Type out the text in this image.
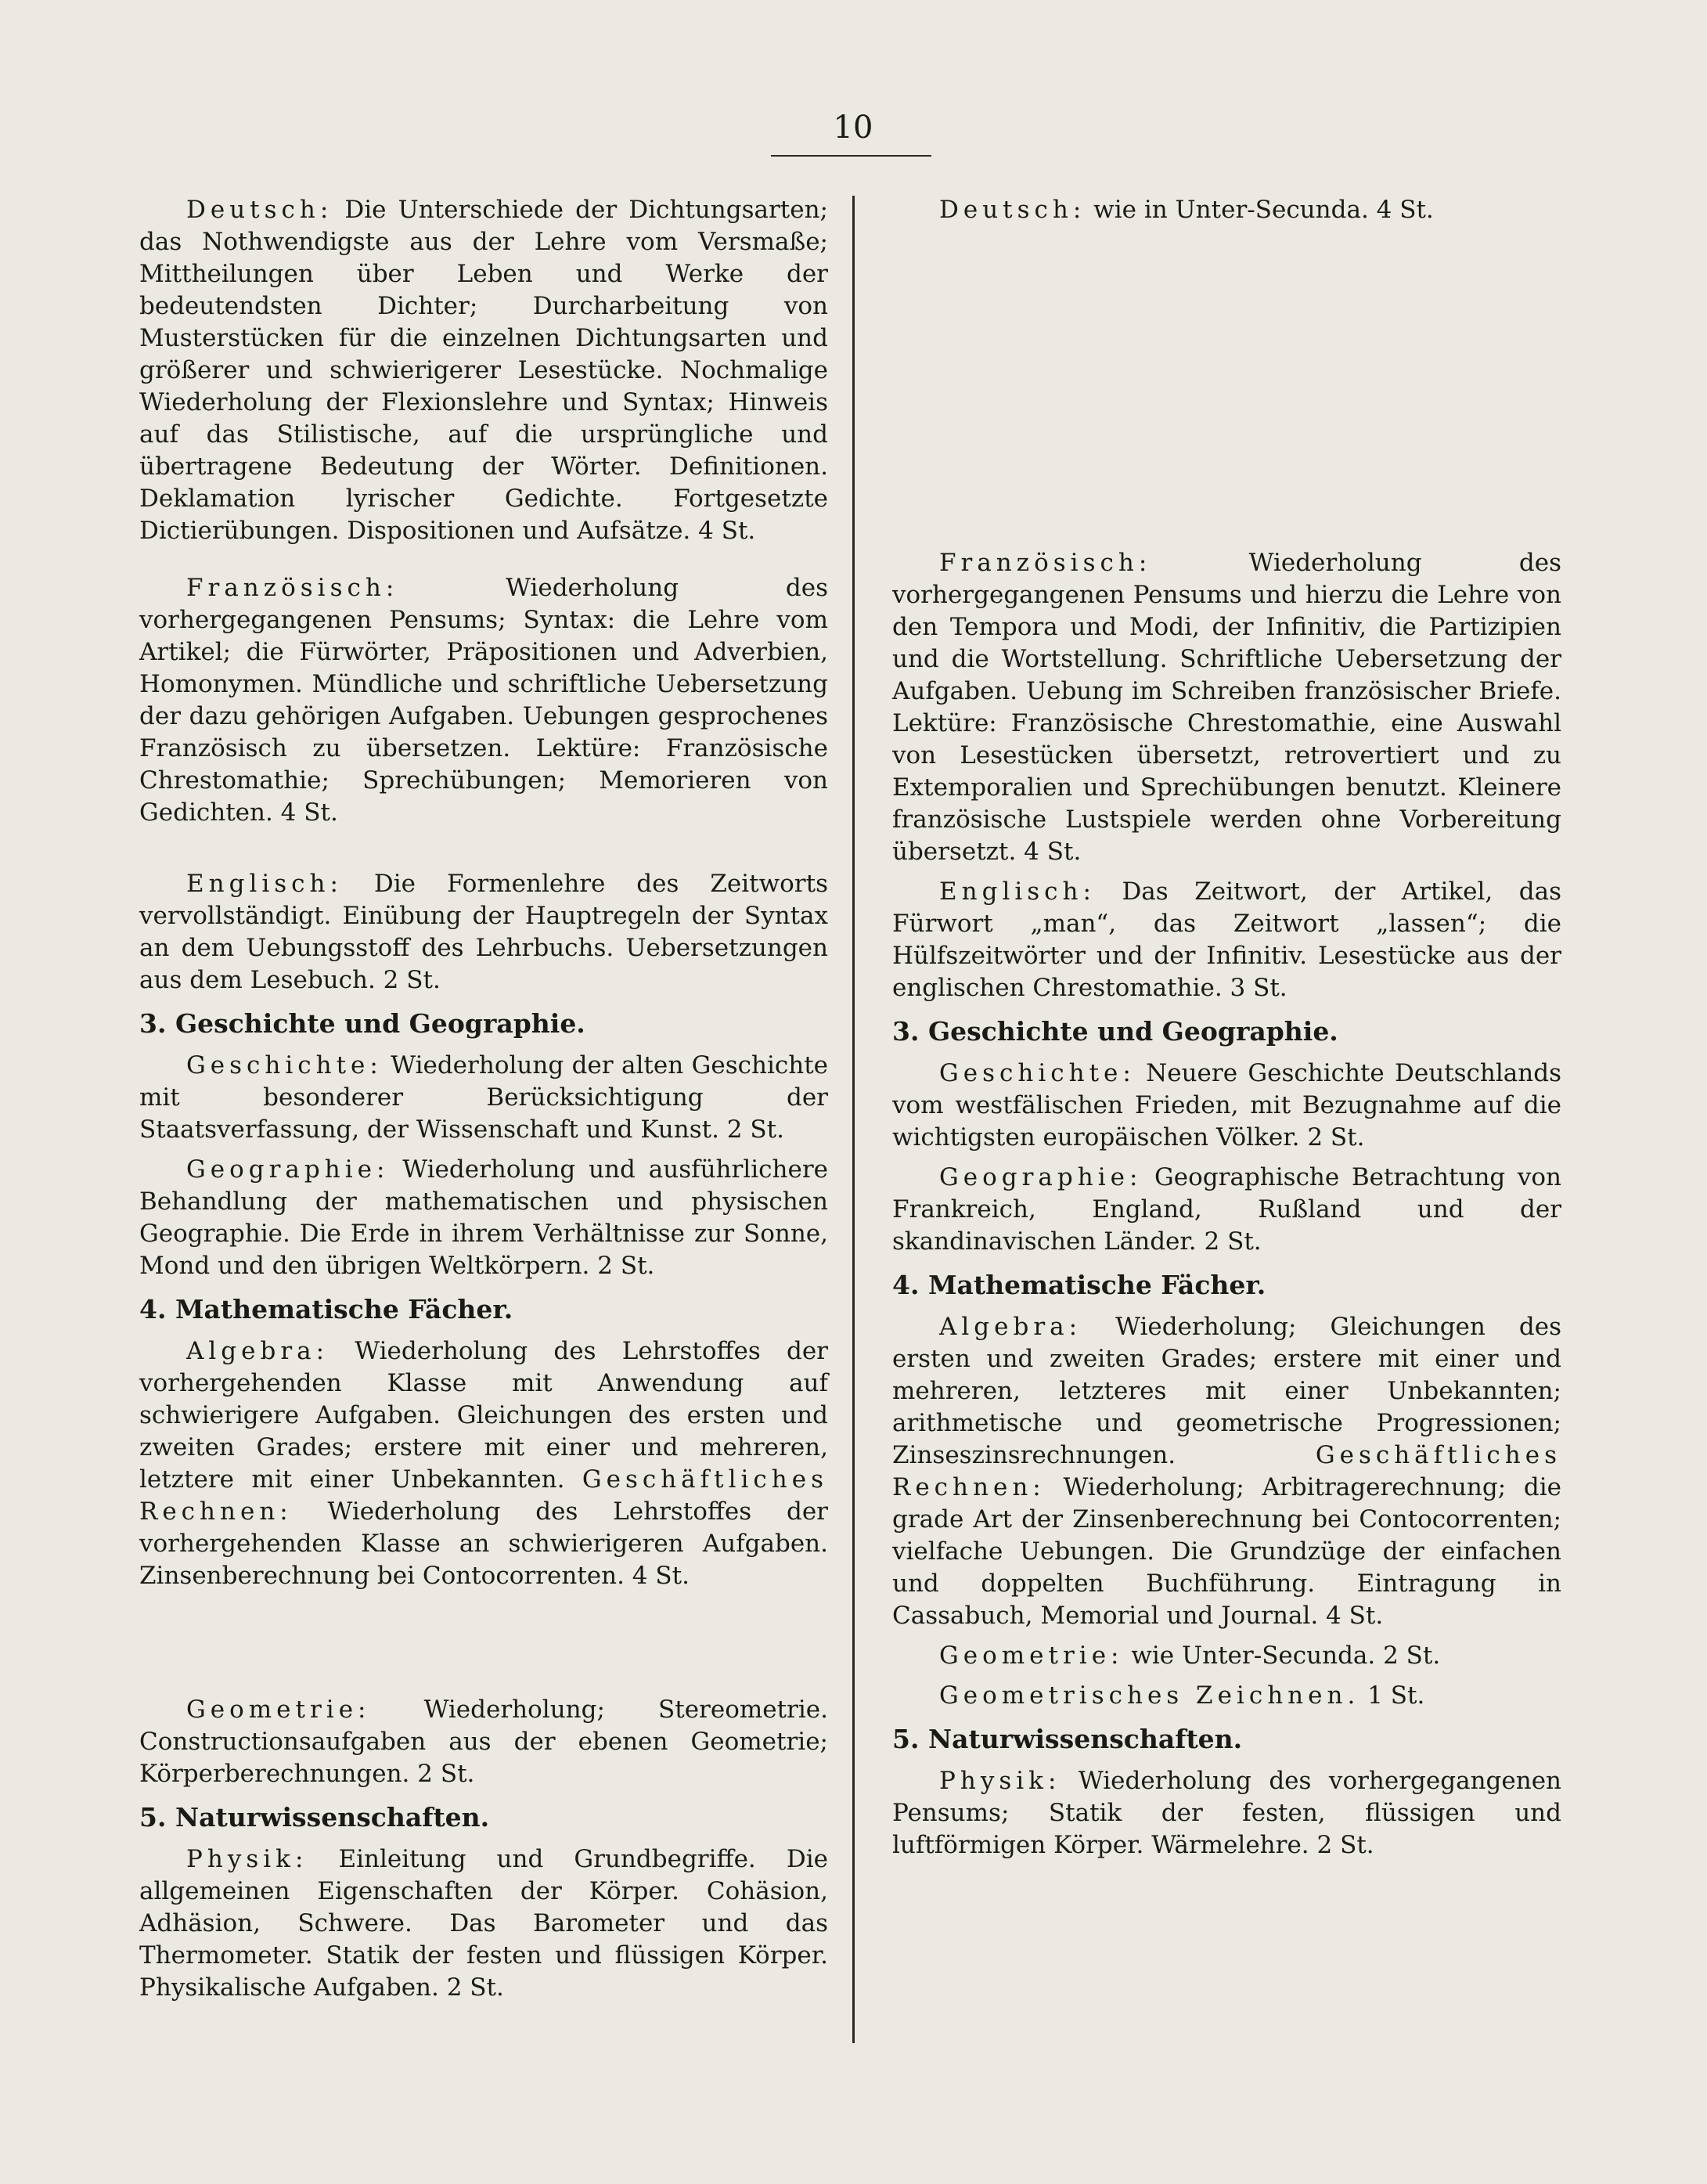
10

Deutsch: Die Unterschiede der Dichtungsarten; das Nothwendigste aus der Lehre vom Versmaße; Mittheilungen über Leben und Werke der bedeutendsten Dichter; Durcharbeitung von Musterstücken für die einzelnen Dichtungsarten und größerer und schwierigerer Lesestücke. Nochmalige Wiederholung der Flexionslehre und Syntax; Hinweis auf das Stilistische, auf die ursprüngliche und übertragene Bedeutung der Wörter. Definitionen. Deklamation lyrischer Gedichte. Fortgesetzte Dictierübungen. Dispositionen und Aufsätze. 4 St.

Französisch: Wiederholung des vorhergegangenen Pensums; Syntax: die Lehre vom Artikel; die Fürwörter, Präpositionen und Adverbien, Homonymen. Mündliche und schriftliche Uebersetzung der dazu gehörigen Aufgaben. Uebungen gesprochenes Französisch zu übersetzen. Lektüre: Französische Chrestomathie; Sprechübungen; Memorieren von Gedichten. 4 St.

Englisch: Die Formenlehre des Zeitworts vervollständigt. Einübung der Hauptregeln der Syntax an dem Uebungsstoff des Lehrbuchs. Uebersetzungen aus dem Lesebuch. 2 St.

3. Geschichte und Geographie.

Geschichte: Wiederholung der alten Geschichte mit besonderer Berücksichtigung der Staatsverfassung, der Wissenschaft und Kunst. 2 St.

Geographie: Wiederholung und ausführlichere Behandlung der mathematischen und physischen Geographie. Die Erde in ihrem Verhältnisse zur Sonne, Mond und den übrigen Weltkörpern. 2 St.

4. Mathematische Fächer.

Algebra: Wiederholung des Lehrstoffes der vorhergehenden Klasse mit Anwendung auf schwierigere Aufgaben. Gleichungen des ersten und zweiten Grades; erstere mit einer und mehreren, letztere mit einer Unbekannten. Geschäftliches Rechnen: Wiederholung des Lehrstoffes der vorhergehenden Klasse an schwierigeren Aufgaben. Zinsenberechnung bei Contocorrenten. 4 St.

Geometrie: Wiederholung; Stereometrie. Constructionsaufgaben aus der ebenen Geometrie; Körperberechnungen. 2 St.

5. Naturwissenschaften.

Physik: Einleitung und Grundbegriffe. Die allgemeinen Eigenschaften der Körper. Cohäsion, Adhäsion, Schwere. Das Barometer und das Thermometer. Statik der festen und flüssigen Körper. Physikalische Aufgaben. 2 St.

Deutsch: wie in Unter-Secunda. 4 St.

Französisch: Wiederholung des vorhergegangenen Pensums und hierzu die Lehre von den Tempora und Modi, der Infinitiv, die Partizipien und die Wortstellung. Schriftliche Uebersetzung der Aufgaben. Uebung im Schreiben französischer Briefe. Lektüre: Französische Chrestomathie, eine Auswahl von Lesestücken übersetzt, retrovertiert und zu Extemporalien und Sprechübungen benutzt. Kleinere französische Lustspiele werden ohne Vorbereitung übersetzt. 4 St.

Englisch: Das Zeitwort, der Artikel, das Fürwort „man“, das Zeitwort „lassen“; die Hülfszeitwörter und der Infinitiv. Lesestücke aus der englischen Chrestomathie. 3 St.

3. Geschichte und Geographie.

Geschichte: Neuere Geschichte Deutschlands vom westfälischen Frieden, mit Bezugnahme auf die wichtigsten europäischen Völker. 2 St.

Geographie: Geographische Betrachtung von Frankreich, England, Rußland und der skandinavischen Länder. 2 St.

4. Mathematische Fächer.

Algebra: Wiederholung; Gleichungen des ersten und zweiten Grades; erstere mit einer und mehreren, letzteres mit einer Unbekannten; arithmetische und geometrische Progressionen; Zinseszinsrechnungen.	Geschäftliches Rechnen: Wiederholung; Arbitragerechnung; die grade Art der Zinsenberechnung bei Contocorrenten; vielfache Uebungen. Die Grundzüge der einfachen und doppelten Buchführung. Eintragung in Cassabuch, Memorial und Journal. 4 St.

Geometrie: wie Unter-Secunda. 2 St.

Geometrisches Zeichnen. 1 St.

5. Naturwissenschaften.

Physik: Wiederholung des vorhergegangenen Pensums; Statik der festen, flüssigen und luftförmigen Körper. Wärmelehre. 2 St.
